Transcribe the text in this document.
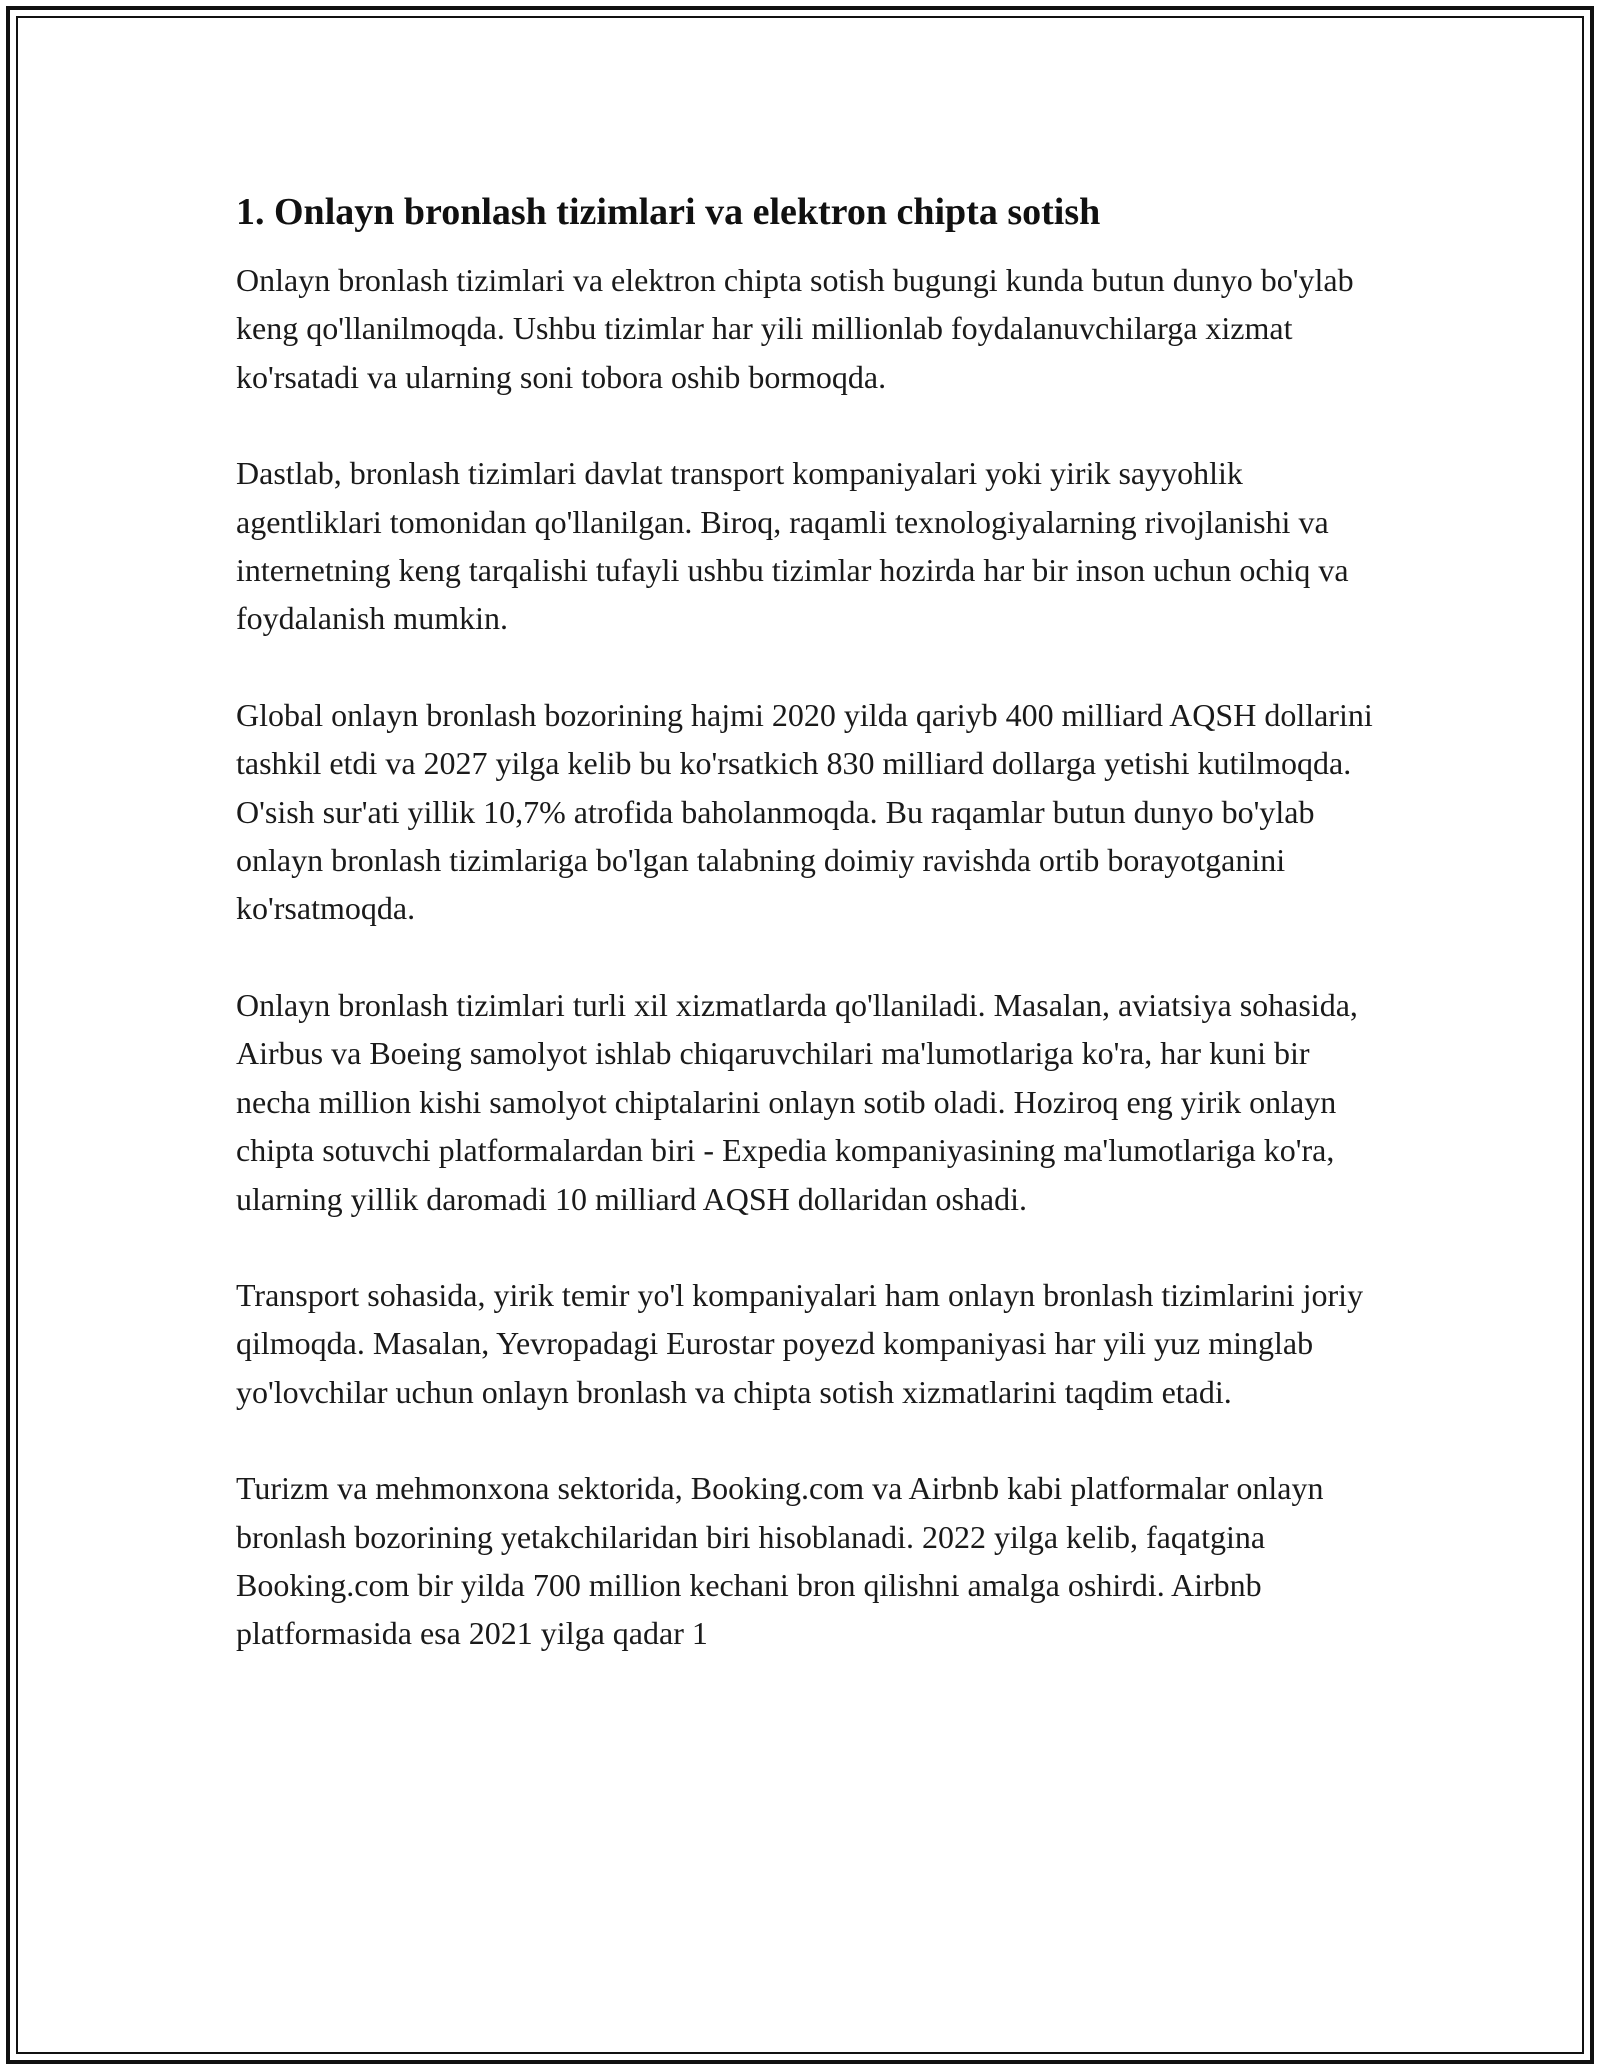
1. Onlayn bronlash tizimlari va elektron chipta sotish

Onlayn bronlash tizimlari va elektron chipta sotish bugungi kunda butun dunyo bo'ylab keng qo'llanilmoqda. Ushbu tizimlar har yili millionlab foydalanuvchilarga xizmat ko'rsatadi va ularning soni tobora oshib bormoqda.

Dastlab, bronlash tizimlari davlat transport kompaniyalari yoki yirik sayyohlik agentliklari tomonidan qo'llanilgan. Biroq, raqamli texnologiyalarning rivojlanishi va internetning keng tarqalishi tufayli ushbu tizimlar hozirda har bir inson uchun ochiq va foydalanish mumkin.

Global onlayn bronlash bozorining hajmi 2020 yilda qariyb 400 milliard AQSH dollarini tashkil etdi va 2027 yilga kelib bu ko'rsatkich 830 milliard dollarga yetishi kutilmoqda. O'sish sur'ati yillik 10,7% atrofida baholanmoqda. Bu raqamlar butun dunyo bo'ylab onlayn bronlash tizimlariga bo'lgan talabning doimiy ravishda ortib borayotganini ko'rsatmoqda.

Onlayn bronlash tizimlari turli xil xizmatlarda qo'llaniladi. Masalan, aviatsiya sohasida, Airbus va Boeing samolyot ishlab chiqaruvchilari ma'lumotlariga ko'ra, har kuni bir necha million kishi samolyot chiptalarini onlayn sotib oladi. Hoziroq eng yirik onlayn chipta sotuvchi platformalardan biri - Expedia kompaniyasining ma'lumotlariga ko'ra, ularning yillik daromadi 10 milliard AQSH dollaridan oshadi.

Transport sohasida, yirik temir yo'l kompaniyalari ham onlayn bronlash tizimlarini joriy qilmoqda. Masalan, Yevropadagi Eurostar poyezd kompaniyasi har yili yuz minglab yo'lovchilar uchun onlayn bronlash va chipta sotish xizmatlarini taqdim etadi.

Turizm va mehmonxona sektorida, Booking.com va Airbnb kabi platformalar onlayn bronlash bozorining yetakchilaridan biri hisoblanadi. 2022 yilga kelib, faqatgina Booking.com bir yilda 700 million kechani bron qilishni amalga oshirdi. Airbnb platformasida esa 2021 yilga qadar 1
